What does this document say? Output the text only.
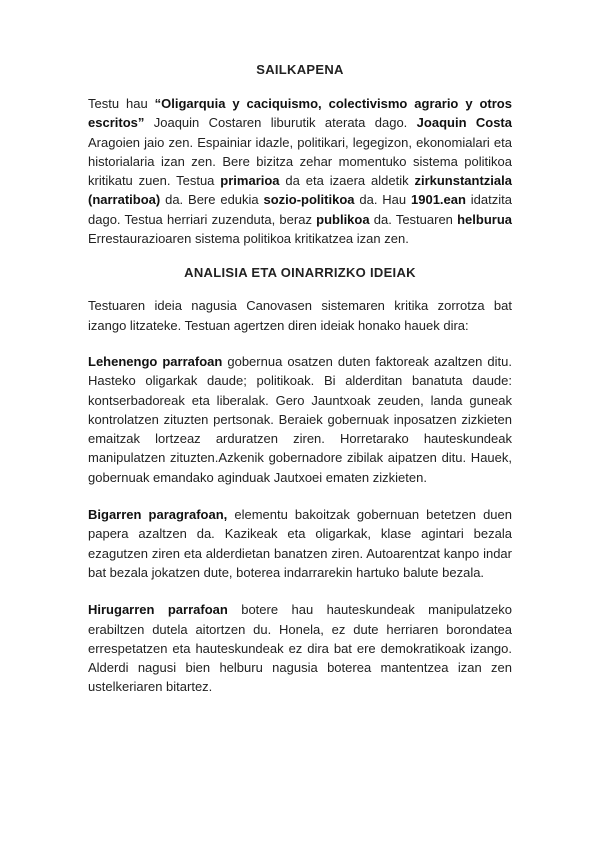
SAILKAPENA

Testu hau “Oligarquia y caciquismo, colectivismo agrario y otros escritos” Joaquin Costaren liburutik aterata dago. Joaquin Costa Aragoien jaio zen. Espainiar idazle, politikari, legegizon, ekonomialari eta historialaria izan zen. Bere bizitza zehar momentuko sistema politikoa kritikatu zuen. Testua primarioa da eta izaera aldetik zirkunstantziala (narratiboa) da. Bere edukia sozio-politikoa da. Hau 1901.ean idatzita dago. Testua herriari zuzenduta, beraz publikoa da. Testuaren helburua Errestaurazioaren sistema politikoa kritikatzea izan zen.

ANALISIA ETA OINARRIZKO IDEIAK

Testuaren ideia nagusia Canovasen sistemaren kritika zorrotza bat izango litzateke. Testuan agertzen diren ideiak honako hauek dira:

Lehenengo parrafoan gobernua osatzen duten faktoreak azaltzen ditu. Hasteko oligarkak daude; politikoak. Bi alderditan banatuta daude: kontserbadoreak eta liberalak. Gero Jauntxoak zeuden, landa guneak kontrolatzen zituzten pertsonak. Beraiek gobernuak inposatzen zizkieten emaitzak lortzeaz arduratzen ziren. Horretarako hauteskundeak manipulatzen zituzten.Azkenik gobernadore zibilak aipatzen ditu. Hauek, gobernuak emandako aginduak Jautxoei ematen zizkieten.

Bigarren paragrafoan, elementu bakoitzak gobernuan betetzen duen papera azaltzen da. Kazikeak eta oligarkak, klase agintari bezala ezagutzen ziren eta alderdietan banatzen ziren. Autoarentzat kanpo indar bat bezala jokatzen dute, boterea indarrarekin hartuko balute bezala.

Hirugarren parrafoan botere hau hauteskundeak manipulatzeko erabiltzen dutela aitortzen du. Honela, ez dute herriaren borondatea errespetatzen eta hauteskundeak ez dira bat ere demokratikoak izango. Alderdi nagusi bien helburu nagusia boterea mantentzea izan zen ustelkeriaren bitartez.
